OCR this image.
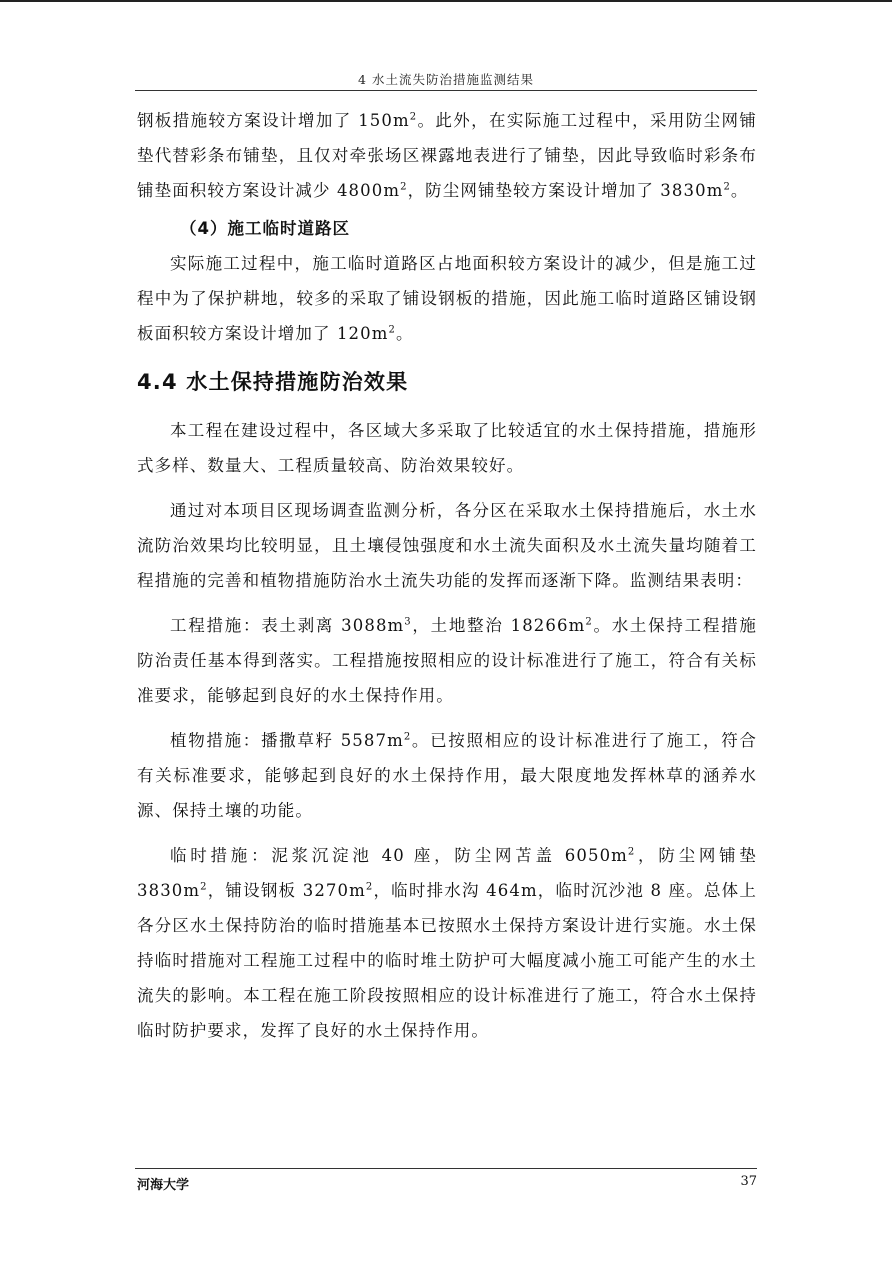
4 水土流失防治措施监测结果

钢板措施较方案设计增加了 $150m^2$。此外，在实际施工过程中，采用防尘网铺垫代替彩条布铺垫，且仅对牵张场区裸露地表进行了铺垫，因此导致临时彩条布铺垫面积较方案设计减少 $4800m^2$，防尘网铺垫较方案设计增加了 $3830m^2$。

（4）施工临时道路区

实际施工过程中，施工临时道路区占地面积较方案设计的减少，但是施工过程中为了保护耕地，较多的采取了铺设钢板的措施，因此施工临时道路区铺设钢板面积较方案设计增加了 $120m^2$。

4.4 水土保持措施防治效果

本工程在建设过程中，各区域大多采取了比较适宜的水土保持措施，措施形式多样、数量大、工程质量较高、防治效果较好。

通过对本项目区现场调查监测分析，各分区在采取水土保持措施后，水土水流防治效果均比较明显，且土壤侵蚀强度和水土流失面积及水土流失量均随着工程措施的完善和植物措施防治水土流失功能的发挥而逐渐下降。监测结果表明：

工程措施：表土剥离 $3088m^3$，土地整治 $18266m^2$。水土保持工程措施防治责任基本得到落实。工程措施按照相应的设计标准进行了施工，符合有关标准要求，能够起到良好的水土保持作用。

植物措施：播撒草籽 $5587m^2$。已按照相应的设计标准进行了施工，符合有关标准要求，能够起到良好的水土保持作用，最大限度地发挥林草的涵养水源、保持土壤的功能。

临时措施：泥浆沉淀池 40 座，防尘网苫盖 $6050m^2$，防尘网铺垫 $3830m^2$，铺设钢板 $3270m^2$，临时排水沟 464m，临时沉沙池 8 座。总体上各分区水土保持防治的临时措施基本已按照水土保持方案设计进行实施。水土保持临时措施对工程施工过程中的临时堆土防护可大幅度减小施工可能产生的水土流失的影响。本工程在施工阶段按照相应的设计标准进行了施工，符合水土保持临时防护要求，发挥了良好的水土保持作用。

河海大学	37
